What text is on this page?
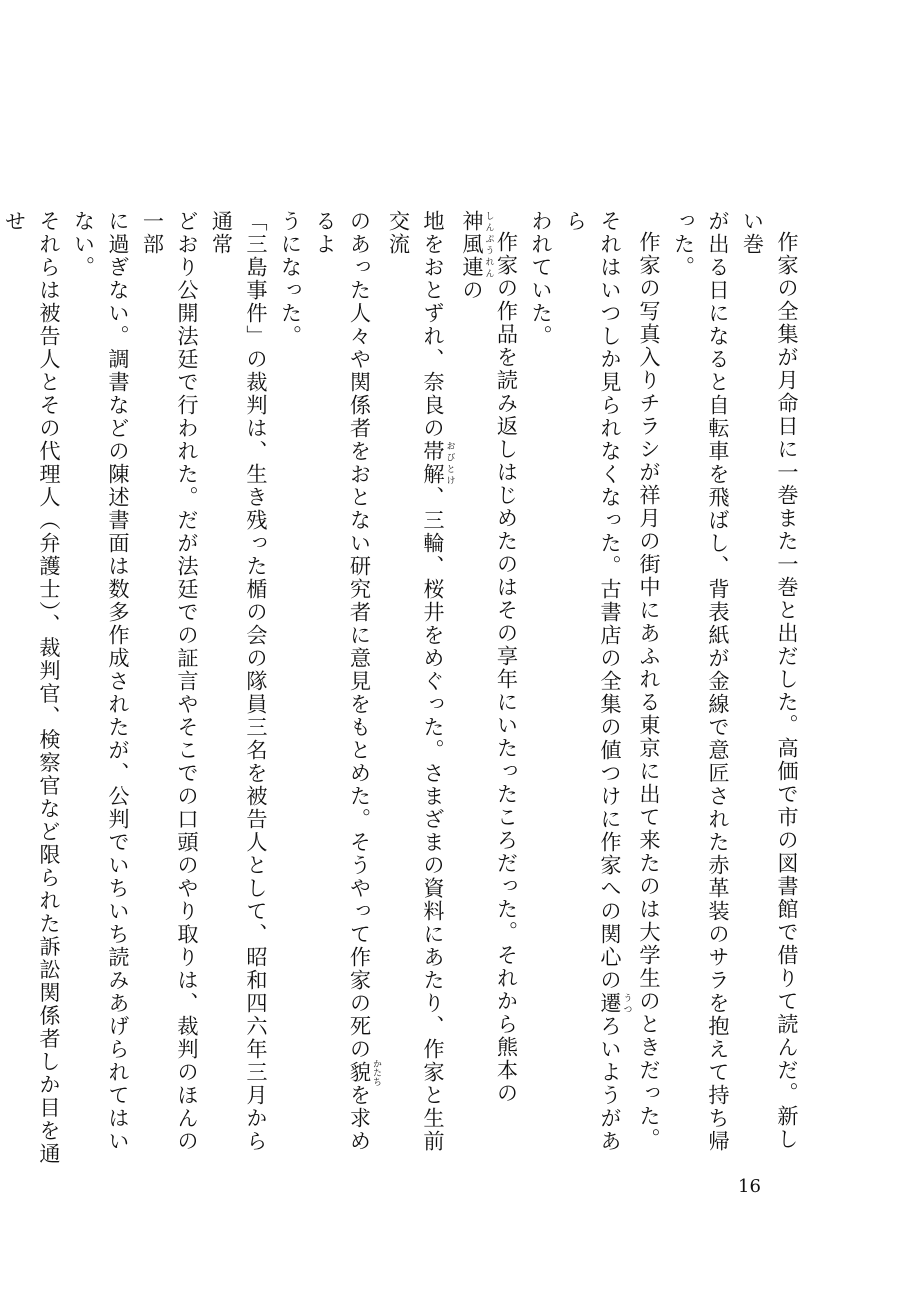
作家の全集が月命日に一巻また一巻と出だした。高価で市の図書館で借りて読んだ。新しい巻
が出る日になると自転車を飛ばし、背表紙が金線で意匠された赤革装のサラを抱えて持ち帰った。
作家の写真入りチラシが祥月の街中にあふれる東京に出て来たのは大学生のときだった。
それはいつしか見られなくなった。古書店の全集の値つけに作家への関心の遷うつろいようがあら
われていた。
作家の作品を読み返しはじめたのはその享年にいたったころだった。それから熊本の神風連しんぷうれんの
地をおとずれ、奈良の帯解おびとけ、三輪、桜井をめぐった。さまざまの資料にあたり、作家と生前交流
のあった人々や関係者をおとない研究者に意見をもとめた。そうやって作家の死の貌かたちを求めるよ
うになった。
「三島事件」の裁判は、生き残った楯の会の隊員三名を被告人として、昭和四六年三月から通常
どおり公開法廷で行われた。だが法廷での証言やそこでの口頭のやり取りは、裁判のほんの一部
に過ぎない。調書などの陳述書面は数多作成されたが、公判でいちいち読みあげられてはいない。
それらは被告人とその代理人（弁護士）、裁判官、検察官など限られた訴訟関係者しか目を通せ
16
